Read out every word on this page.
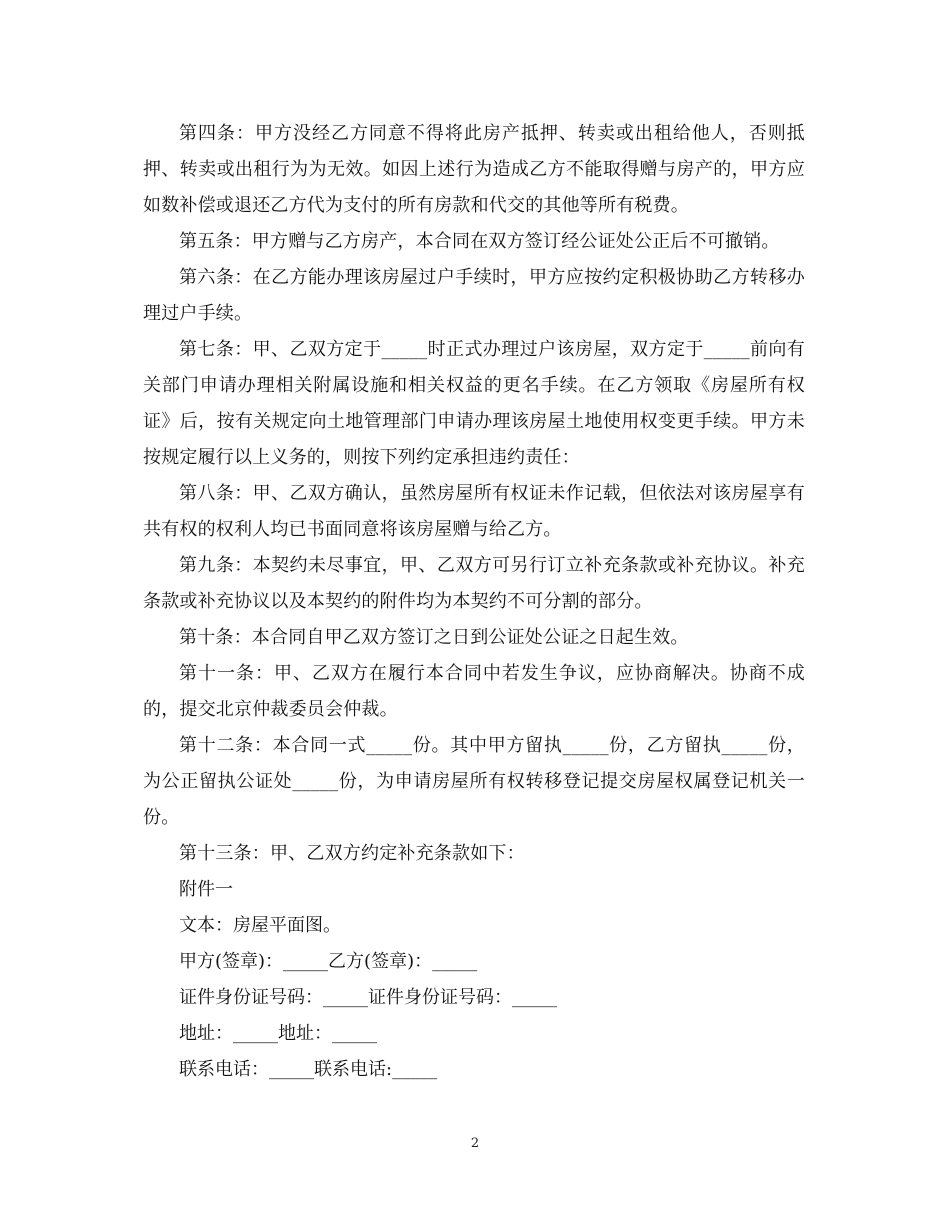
第四条：甲方没经乙方同意不得将此房产抵押、转卖或出租给他人，否则抵押、转卖或出租行为为无效。如因上述行为造成乙方不能取得赠与房产的，甲方应如数补偿或退还乙方代为支付的所有房款和代交的其他等所有税费。

第五条：甲方赠与乙方房产，本合同在双方签订经公证处公正后不可撤销。

第六条：在乙方能办理该房屋过户手续时，甲方应按约定积极协助乙方转移办理过户手续。

第七条：甲、乙双方定于_____时正式办理过户该房屋，双方定于_____前向有关部门申请办理相关附属设施和相关权益的更名手续。在乙方领取《房屋所有权证》后，按有关规定向土地管理部门申请办理该房屋土地使用权变更手续。甲方未按规定履行以上义务的，则按下列约定承担违约责任：

第八条：甲、乙双方确认，虽然房屋所有权证未作记载，但依法对该房屋享有共有权的权利人均已书面同意将该房屋赠与给乙方。

第九条：本契约未尽事宜，甲、乙双方可另行订立补充条款或补充协议。补充条款或补充协议以及本契约的附件均为本契约不可分割的部分。

第十条：本合同自甲乙双方签订之日到公证处公证之日起生效。

第十一条：甲、乙双方在履行本合同中若发生争议，应协商解决。协商不成的，提交北京仲裁委员会仲裁。

第十二条：本合同一式_____份。其中甲方留执_____份，乙方留执_____份，为公正留执公证处_____份，为申请房屋所有权转移登记提交房屋权属登记机关一份。

第十三条：甲、乙双方约定补充条款如下：

附件一

文本：房屋平面图。

甲方(签章)：_____乙方(签章)：_____

证件身份证号码：_____证件身份证号码：_____

地址：_____地址：_____

联系电话：_____联系电话:_____

2
